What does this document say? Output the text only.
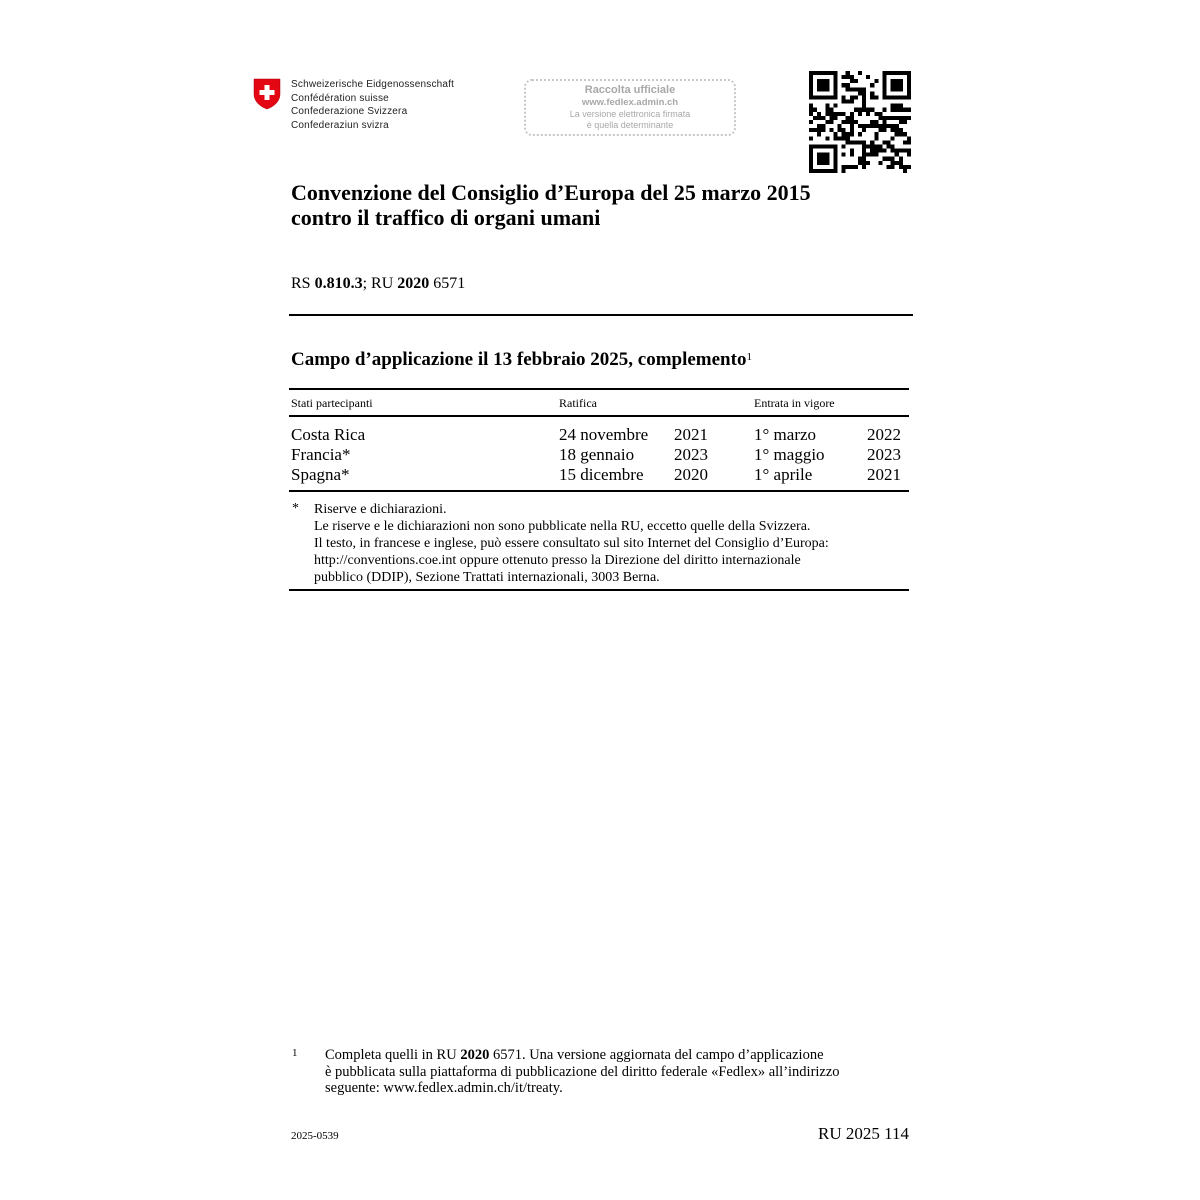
Schweizerische Eidgenossenschaft
Confédération suisse
Confederazione Svizzera
Confederaziun svizra
Raccolta ufficiale
www.fedlex.admin.ch
La versione elettronica firmata
è quella determinante
Convenzione del Consiglio d’Europa del 25 marzo 2015
contro il traffico di organi umani
RS 0.810.3; RU 2020 6571
Campo d’applicazione il 13 febbraio 2025, complemento$^1$
Stati partecipanti	Ratifica	Entrata in vigore
Costa Rica	24 novembre 2021	1° marzo	2022
Francia*	18 gennaio 2023	1° maggio 2023
Spagna*	15 dicembre 2020	1° aprile	2021
* Riserve e dichiarazioni.
Le riserve e le dichiarazioni non sono pubblicate nella RU, eccetto quelle della Svizzera.
Il testo, in francese e inglese, può essere consultato sul sito Internet del Consiglio d’Europa:
http://conventions.coe.int oppure ottenuto presso la Direzione del diritto internazionale
pubblico (DDIP), Sezione Trattati internazionali, 3003 Berna.
1 Completa quelli in RU 2020 6571. Una versione aggiornata del campo d’applicazione
è pubblicata sulla piattaforma di pubblicazione del diritto federale «Fedlex» all’indirizzo
seguente: www.fedlex.admin.ch/it/treaty.
2025-0539	RU 2025 114
